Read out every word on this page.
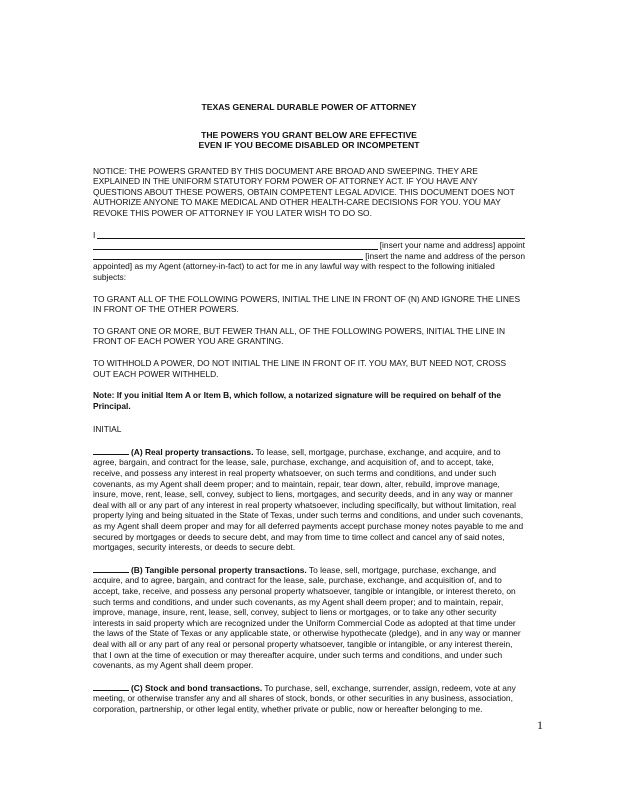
TEXAS GENERAL DURABLE POWER OF ATTORNEY
THE POWERS YOU GRANT BELOW ARE EFFECTIVE
EVEN IF YOU BECOME DISABLED OR INCOMPETENT

NOTICE: THE POWERS GRANTED BY THIS DOCUMENT ARE BROAD AND SWEEPING. THEY ARE EXPLAINED IN THE UNIFORM STATUTORY FORM POWER OF ATTORNEY ACT. IF YOU HAVE ANY QUESTIONS ABOUT THESE POWERS, OBTAIN COMPETENT LEGAL ADVICE. THIS DOCUMENT DOES NOT AUTHORIZE ANYONE TO MAKE MEDICAL AND OTHER HEALTH-CARE DECISIONS FOR YOU. YOU MAY REVOKE THIS POWER OF ATTORNEY IF YOU LATER WISH TO DO SO.

I
[insert your name and address] appoint
[insert the name and address of the person
appointed] as my Agent (attorney-in-fact) to act for me in any lawful way with respect to the following initialed subjects:

TO GRANT ALL OF THE FOLLOWING POWERS, INITIAL THE LINE IN FRONT OF (N) AND IGNORE THE LINES IN FRONT OF THE OTHER POWERS.

TO GRANT ONE OR MORE, BUT FEWER THAN ALL, OF THE FOLLOWING POWERS, INITIAL THE LINE IN FRONT OF EACH POWER YOU ARE GRANTING.

TO WITHHOLD A POWER, DO NOT INITIAL THE LINE IN FRONT OF IT. YOU MAY, BUT NEED NOT, CROSS OUT EACH POWER WITHHELD.

Note: If you initial Item A or Item B, which follow, a notarized signature will be required on behalf of the Principal.

INITIAL

(A) Real property transactions. To lease, sell, mortgage, purchase, exchange, and acquire, and to agree, bargain, and contract for the lease, sale, purchase, exchange, and acquisition of, and to accept, take, receive, and possess any interest in real property whatsoever, on such terms and conditions, and under such covenants, as my Agent shall deem proper; and to maintain, repair, tear down, alter, rebuild, improve manage, insure, move, rent, lease, sell, convey, subject to liens, mortgages, and security deeds, and in any way or manner deal with all or any part of any interest in real property whatsoever, including specifically, but without limitation, real property lying and being situated in the State of Texas, under such terms and conditions, and under such covenants, as my Agent shall deem proper and may for all deferred payments accept purchase money notes payable to me and secured by mortgages or deeds to secure debt, and may from time to time collect and cancel any of said notes, mortgages, security interests, or deeds to secure debt.

(B) Tangible personal property transactions. To lease, sell, mortgage, purchase, exchange, and acquire, and to agree, bargain, and contract for the lease, sale, purchase, exchange, and acquisition of, and to accept, take, receive, and possess any personal property whatsoever, tangible or intangible, or interest thereto, on such terms and conditions, and under such covenants, as my Agent shall deem proper; and to maintain, repair, improve, manage, insure, rent, lease, sell, convey, subject to liens or mortgages, or to take any other security interests in said property which are recognized under the Uniform Commercial Code as adopted at that time under the laws of the State of Texas or any applicable state, or otherwise hypothecate (pledge), and in any way or manner deal with all or any part of any real or personal property whatsoever, tangible or intangible, or any interest therein, that I own at the time of execution or may thereafter acquire, under such terms and conditions, and under such covenants, as my Agent shall deem proper.

(C) Stock and bond transactions. To purchase, sell, exchange, surrender, assign, redeem, vote at any meeting, or otherwise transfer any and all shares of stock, bonds, or other securities in any business, association, corporation, partnership, or other legal entity, whether private or public, now or hereafter belonging to me.

1
